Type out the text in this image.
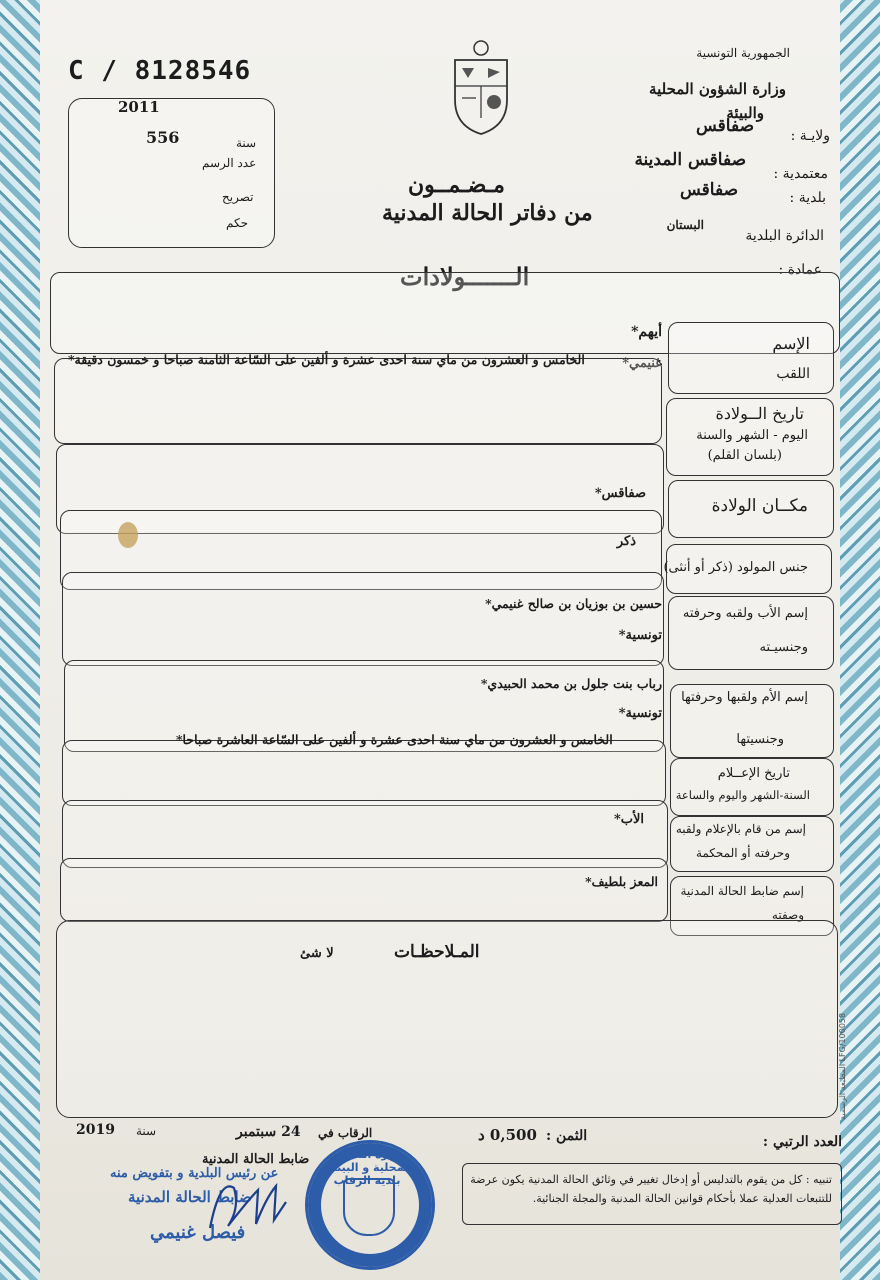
C / 8128546
2011
556	سنة
عدد الرسم
تصريح
حكم
الجمهورية التونسية
وزارة الشؤون المحلية
والبيئة
ولايـة :
صفاقس
معتمدية :
صفاقس المدينة
بلدية :
صفاقس
الدائرة البلدية
البستان
عمادة :
مـضـمــون
من دفاتر الحالة المدنية
الـــــــولادات
الإسم
اللقب
أيهم*
غنيمي*
تاريخ الــولادة
اليوم - الشهر والسنة
(بلسان القلم)
الخامس و العشرون من ماي سنة احدى عشرة و ألفين على السّاعة الثامنة صباحا و خمسون دقيقة*
مكــان الولادة
صفاقس*
جنس المولود (ذكر أو أنثى)
ذكر
إسم الأب ولقبه وحرفته
وجنسيـته
حسين بن بوزيان بن صالح غنيمي*
تونسية*
إسم الأم ولقبها وحرفتها
وجنسيتها
رباب بنت جلول بن محمد الحبيدي*
تونسية*
تاريخ الإعــلام
السنة-الشهر واليوم والساعة
الخامس و العشرون من ماي سنة احدى عشرة و ألفين على السّاعة العاشرة صباحا*
إسم من قام بالإعلام ولقبه
وحرفته أو المحكمة
الأب*
إسم ضابط الحالة المدنية
وصفته
المعز بلطيف*
المـلاحظـات
لا شئ
المطبعة الرسمية LFG/100058
العدد الرتبي :
الثمن :
0,500 د
الرقاب في
24 سبتمبر
سنة
2019
ضابط الحالة المدنية
عن رئيس البلدية و بتفويض منه
ضابط الحالة المدنية
فيصل غنيمي
وزارة الشؤون المحلية و البيئة - بلدية الرقاب	تنبيه : كل من يقوم بالتدليس أو إدخال تغيير في وثائق الحالة المدنية يكون عرضة للتتبعات العدلية عملا بأحكام قوانين الحالة المدنية والمجلة الجنائية.
